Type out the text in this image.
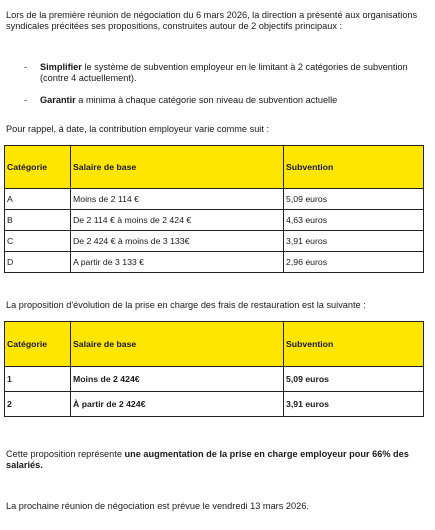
Lors de la première réunion de négociation du 6 mars 2026, la direction a présenté aux organisations syndicales précitées ses propositions, construites autour de 2 objectifs principaux :

- Simplifier le système de subvention employeur en le limitant à 2 catégories de subvention (contre 4 actuellement).
- Garantir a minima à chaque catégorie son niveau de subvention actuelle

Pour rappel, à date, la contribution employeur varie comme suit :

Catégorie	Salaire de base	Subvention
A	Moins de 2 114 €	5,09 euros
B	De 2 114 € à moins de 2 424 €	4,63 euros
C	De 2 424 € à moins de 3 133€	3,91 euros
D	A partir de 3 133 €	2,96 euros

La proposition d'évolution de la prise en charge des frais de restauration est la suivante :

Catégorie	Salaire de base	Subvention
1	Moins de 2 424€	5,09 euros
2	À partir de 2 424€	3,91 euros

Cette proposition représente une augmentation de la prise en charge employeur pour 66% des salariés.

La prochaine réunion de négociation est prévue le vendredi 13 mars 2026.
